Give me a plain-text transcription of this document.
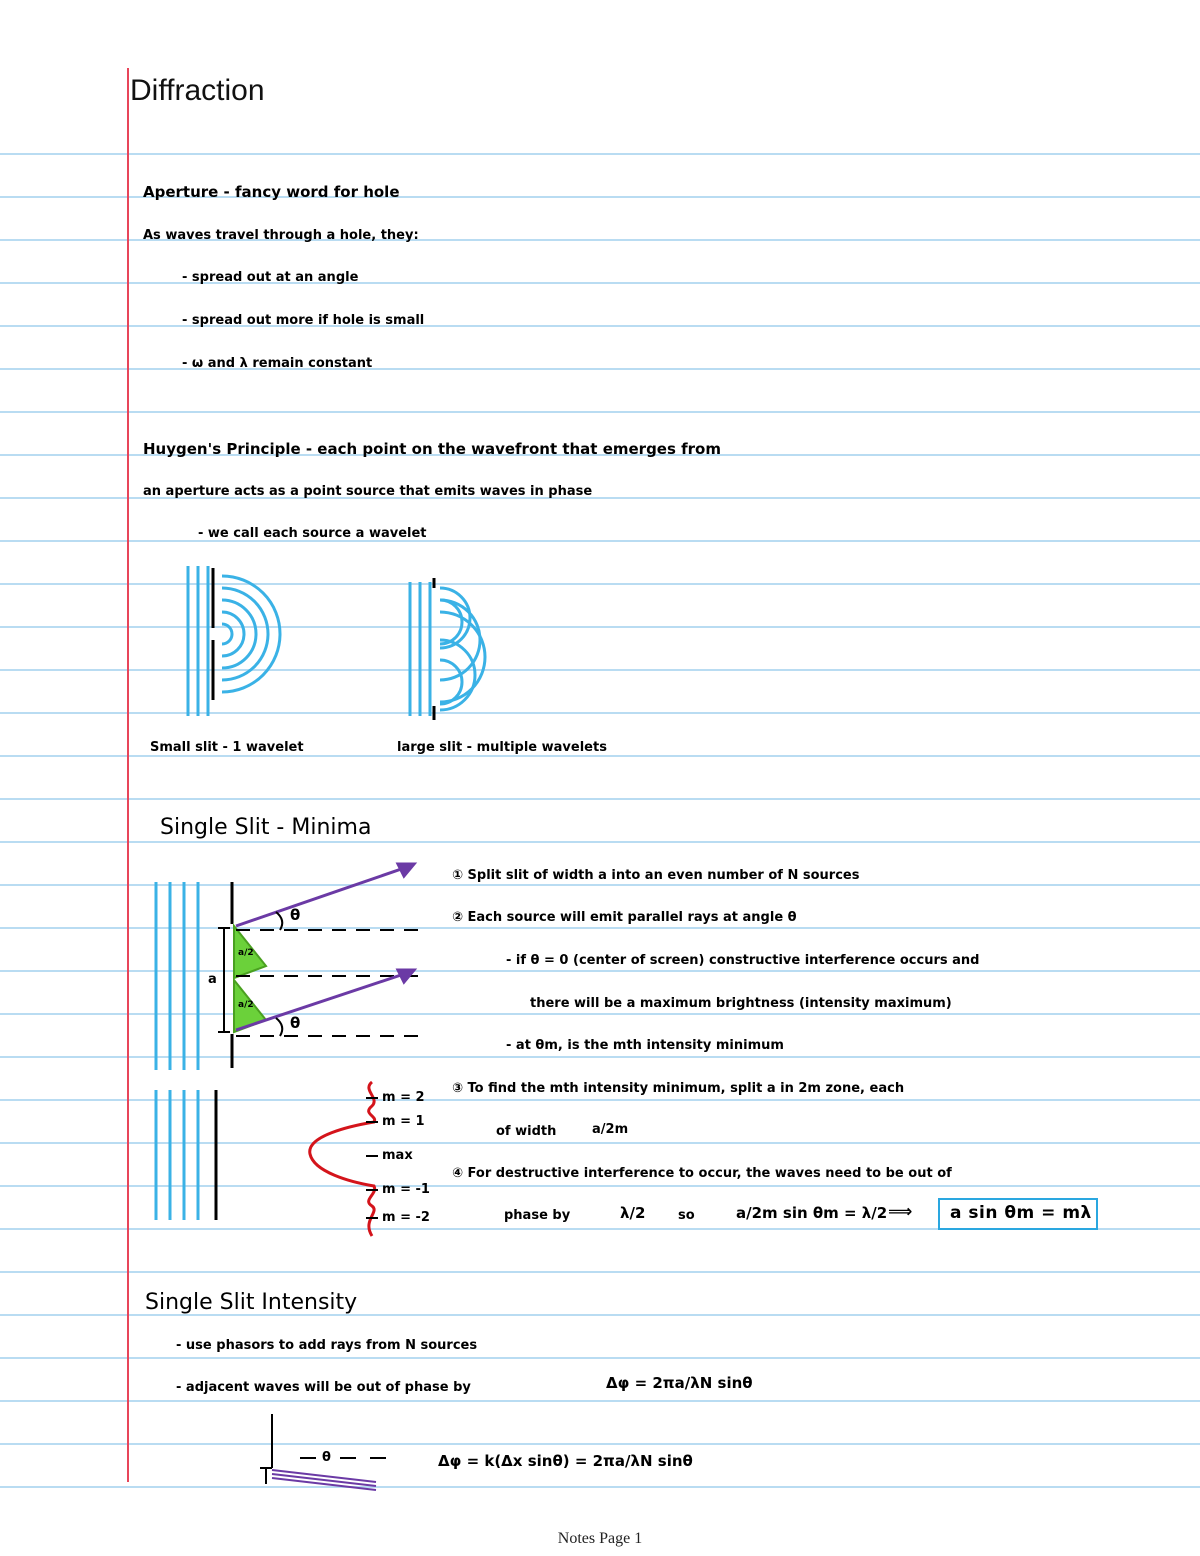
Diffraction
Aperture - fancy word for hole
As waves travel through a hole, they:
- spread out at an angle
- spread out more if hole is small
- ω and λ remain constant
Huygen's Principle - each point on the wavefront that emerges from
an aperture acts as a point source that emits waves in phase
- we call each source a wavelet
Small slit - 1 wavelet	large slit - multiple wavelets
Single Slit - Minima
θ
θ
a
a/2
a/2
m = 2
m = 1
max
m = -1
m = -2
① Split slit of width a into an even number of N sources
② Each source will emit parallel rays at angle θ
- if θ = 0 (center of screen) constructive interference occurs and
there will be a maximum brightness (intensity maximum)
- at θm, is the mth intensity minimum
③ To find the mth intensity minimum, split a in 2m zone, each
of width	a/2m
④ For destructive interference to occur, the waves need to be out of
phase by	λ/2	so	a/2m sin θm = λ/2 ⟹ a sin θm = mλ
Single Slit Intensity
- use phasors to add rays from N sources
- adjacent waves will be out of phase by	Δφ = 2πa/λN sinθ
θ	Δφ = k(Δx sinθ) = 2πa/λN sinθ
Notes Page 1
